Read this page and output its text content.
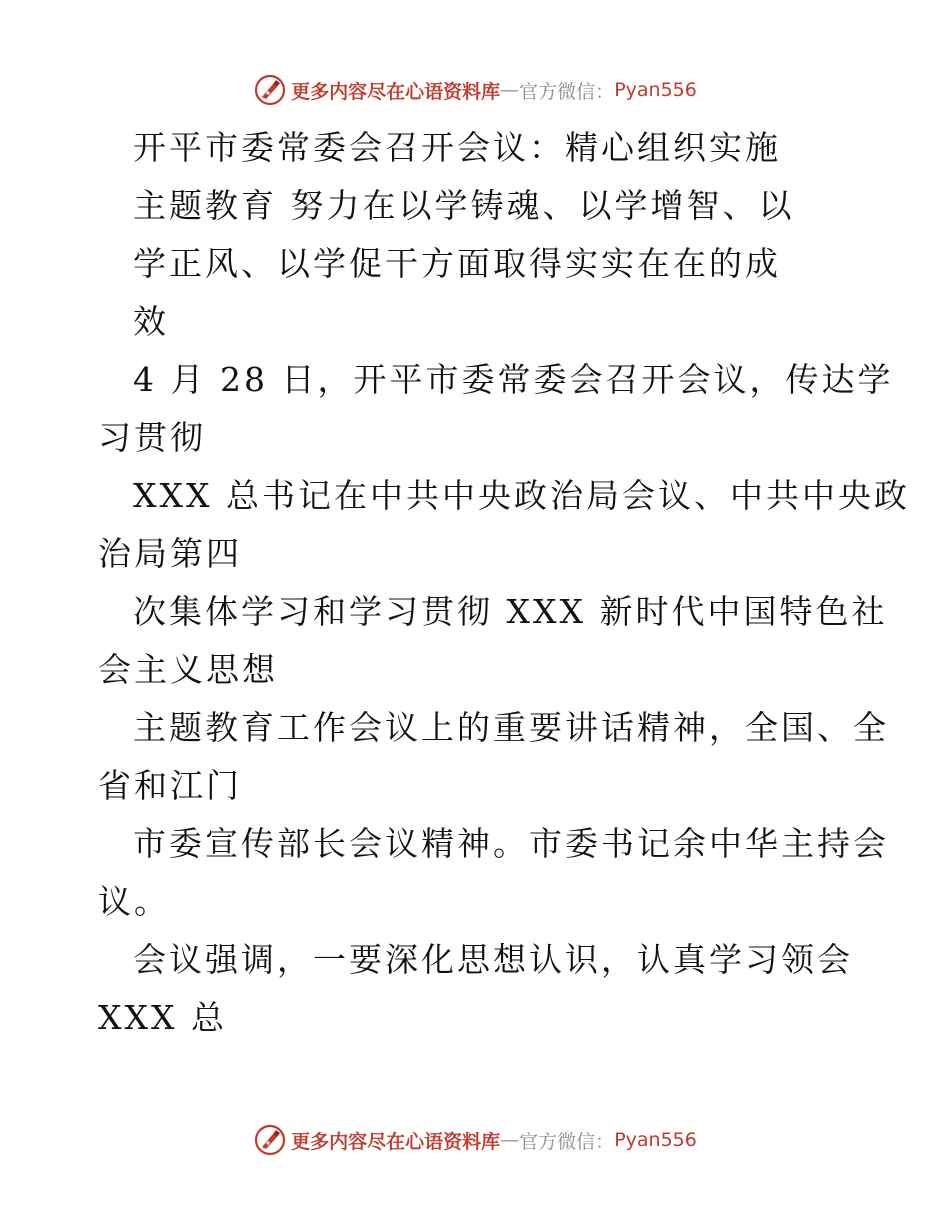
更多内容尽在心语资料库 — 官方微信： Pyan556
开平市委常委会召开会议：精心组织实施
主题教育 努力在以学铸魂、以学增智、以
学正风、以学促干方面取得实实在在的成
效
4 月 28 日，开平市委常委会召开会议，传达学
习贯彻
XXX 总书记在中共中央政治局会议、中共中央政
治局第四
次集体学习和学习贯彻 XXX 新时代中国特色社
会主义思想
主题教育工作会议上的重要讲话精神，全国、全
省和江门
市委宣传部长会议精神。市委书记余中华主持会
议。
会议强调，一要深化思想认识，认真学习领会
XXX 总
更多内容尽在心语资料库 — 官方微信： Pyan556
